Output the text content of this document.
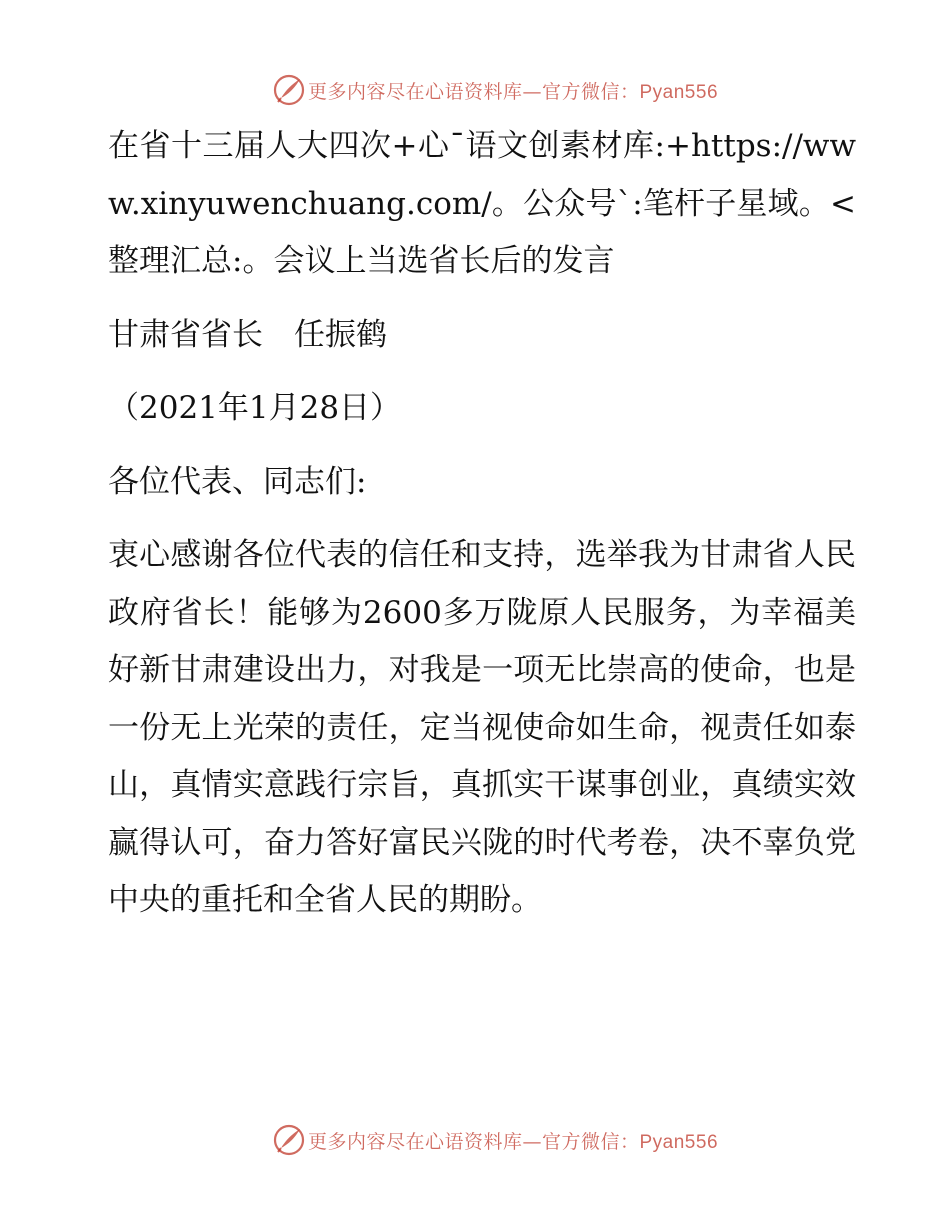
更多内容尽在心语资料库—官方微信：Pyan556

在省十三届人大四次+心¯语文创素材库:+https://www.xinyuwenchuang.com/。公众号`:笔杆子星域。<整理汇总:。会议上当选省长后的发言

甘肃省省长　任振鹤

（2021年1月28日）

各位代表、同志们:

衷心感谢各位代表的信任和支持，选举我为甘肃省人民政府省长！能够为2600多万陇原人民服务，为幸福美好新甘肃建设出力，对我是一项无比崇高的使命，也是一份无上光荣的责任，定当视使命如生命，视责任如泰山，真情实意践行宗旨，真抓实干谋事创业，真绩实效赢得认可，奋力答好富民兴陇的时代考卷，决不辜负党中央的重托和全省人民的期盼。

更多内容尽在心语资料库—官方微信：Pyan556
